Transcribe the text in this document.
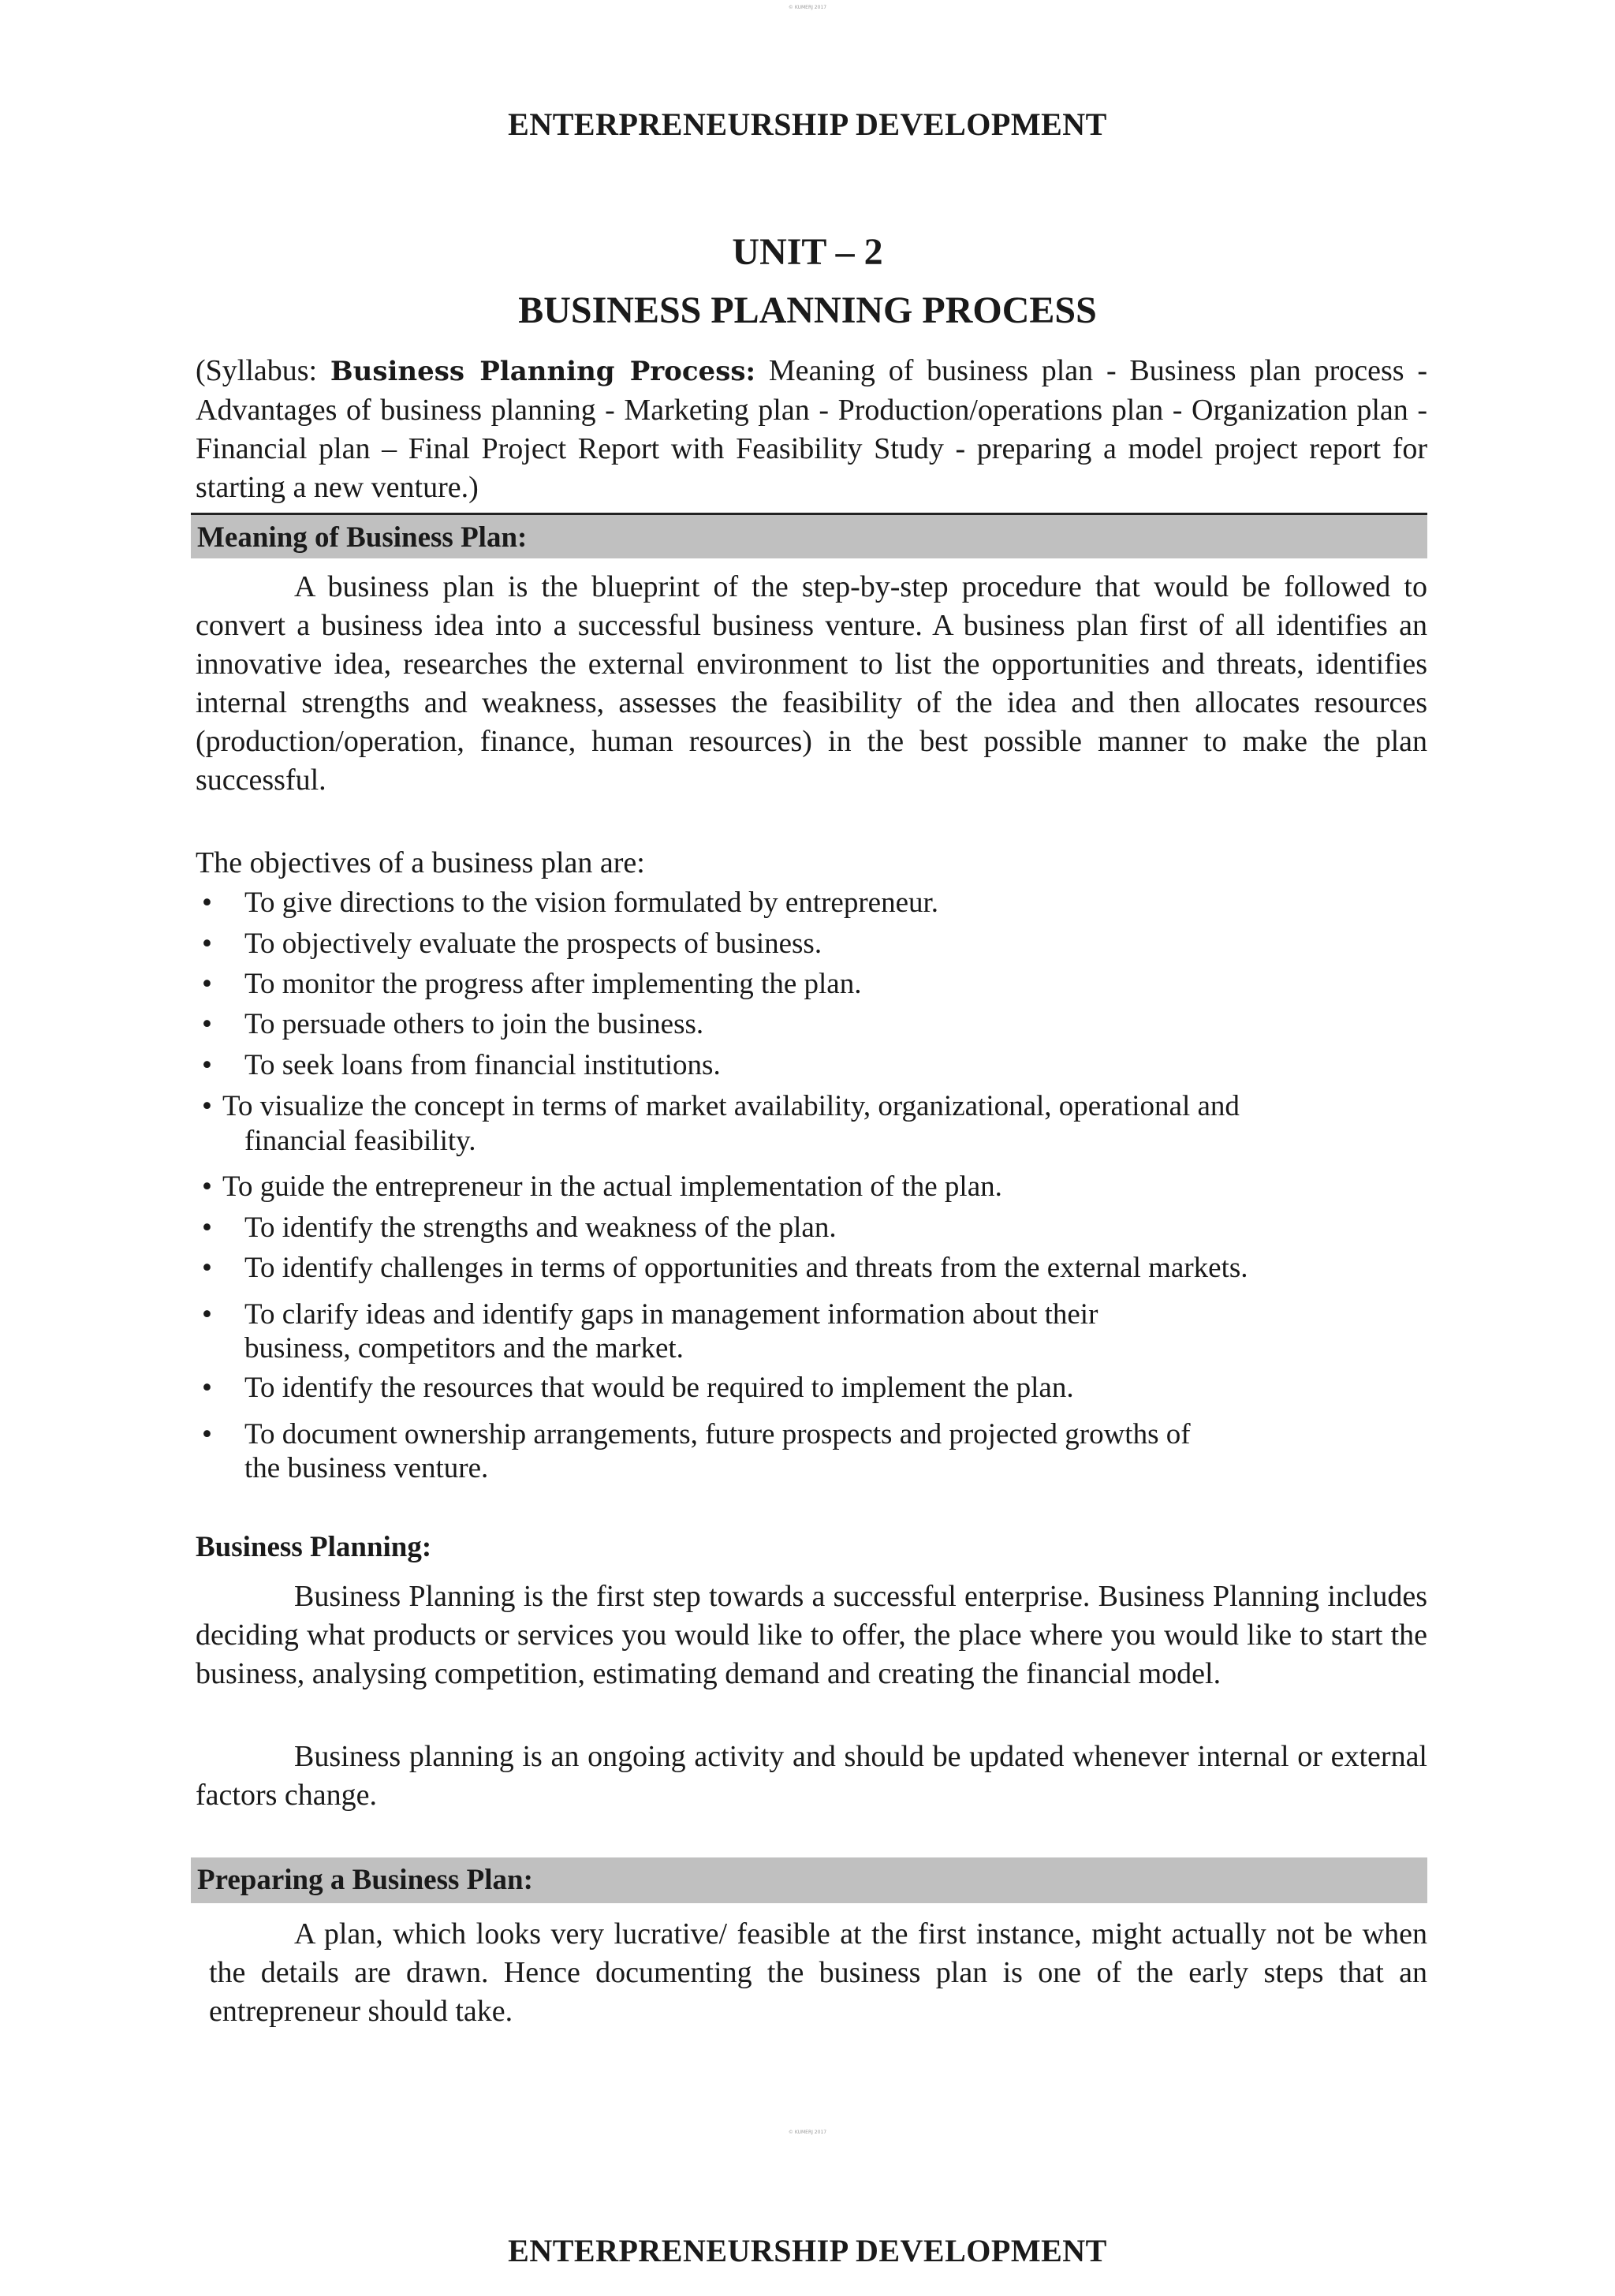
© KUMERJ 2017
ENTERPRENEURSHIP DEVELOPMENT
UNIT – 2
BUSINESS PLANNING PROCESS
(Syllabus: Business Planning Process: Meaning of business plan - Business plan process - Advantages of business planning - Marketing plan - Production/operations plan - Organization plan - Financial plan – Final Project Report with Feasibility Study - preparing a model project report for starting a new venture.)
Meaning of Business Plan:
A business plan is the blueprint of the step-by-step procedure that would be followed to convert a business idea into a successful business venture. A business plan first of all identifies an innovative idea, researches the external environment to list the opportunities and threats, identifies internal strengths and weakness, assesses the feasibility of the idea and then allocates resources (production/operation, finance, human resources) in the best possible manner to make the plan successful.
The objectives of a business plan are:
• To give directions to the vision formulated by entrepreneur.
• To objectively evaluate the prospects of business.
• To monitor the progress after implementing the plan.
• To persuade others to join the business.
• To seek loans from financial institutions.
• To visualize the concept in terms of market availability, organizational, operational and
financial feasibility.
• To guide the entrepreneur in the actual implementation of the plan.
• To identify the strengths and weakness of the plan.
• To identify challenges in terms of opportunities and threats from the external markets.
• To clarify ideas and identify gaps in management information about their
business, competitors and the market.
• To identify the resources that would be required to implement the plan.
• To document ownership arrangements, future prospects and projected growths of
the business venture.
Business Planning:
Business Planning is the first step towards a successful enterprise. Business Planning includes deciding what products or services you would like to offer, the place where you would like to start the business, analysing competition, estimating demand and creating the financial model.
Business planning is an ongoing activity and should be updated whenever internal or external factors change.
Preparing a Business Plan:
A plan, which looks very lucrative/ feasible at the first instance, might actually not be when the details are drawn. Hence documenting the business plan is one of the early steps that an entrepreneur should take.
© KUMERJ 2017
ENTERPRENEURSHIP DEVELOPMENT
